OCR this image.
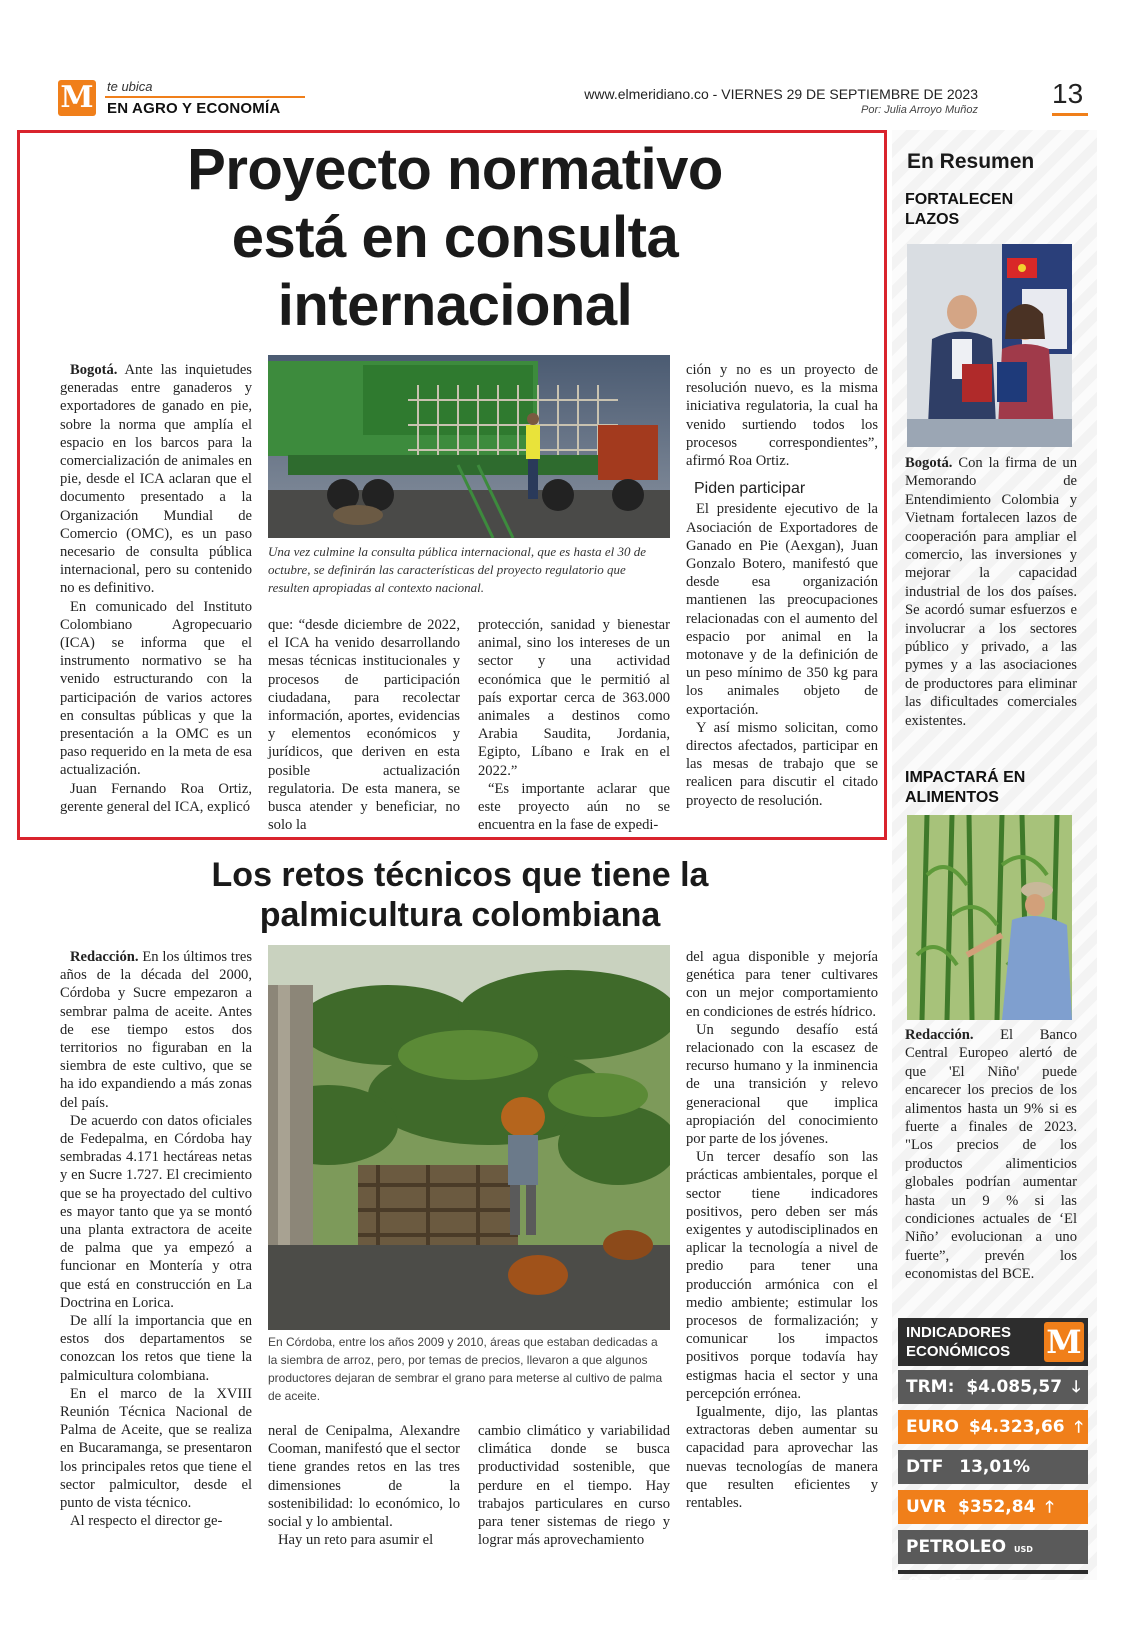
M te ubica
EN AGRO Y ECONOMÍA
www.elmeridiano.co - VIERNES 29 DE SEPTIEMBRE DE 2023
Por: Julia Arroyo Muñoz
13
Proyecto normativo
está en consulta
internacional

Bogotá. Ante las inquietudes generadas entre ganaderos y exportadores de ganado en pie, sobre la norma que amplía el espacio en los barcos para la comercialización de animales en pie, desde el ICA aclaran que el documento presentado a la Organización Mundial de Comercio (OMC), es un paso necesario de consulta pública internacional, pero su contenido no es definitivo.

En comunicado del Instituto Colombiano Agropecuario (ICA) se informa que el instrumento normativo se ha venido estructurando con la participación de varios actores en consultas públicas y que la presentación a la OMC es un paso requerido en la meta de esa actualización.

Juan Fernando Roa Ortiz, gerente general del ICA, explicó

Una vez culmine la consulta pública internacional, que es hasta el 30 de octubre, se definirán las características del proyecto regulatorio que resulten apropiadas al contexto nacional.

que: “desde diciembre de 2022, el ICA ha venido desarrollando mesas técnicas institucionales y procesos de participación ciudadana, para recolectar información, aportes, evidencias y elementos económicos y jurídicos, que deriven en esta posible actualización regulatoria. De esta manera, se busca atender y beneficiar, no solo la

protección, sanidad y bienestar animal, sino los intereses de un sector y una actividad económica que le permitió al país exportar cerca de 363.000 animales a destinos como Arabia Saudita, Jordania, Egipto, Líbano e Irak en el 2022.”

“Es importante aclarar que este proyecto aún no se encuentra en la fase de expedi-

ción y no es un proyecto de resolución nuevo, es la misma iniciativa regulatoria, la cual ha venido surtiendo todos los procesos correspondientes”, afirmó Roa Ortiz.

Piden participar

El presidente ejecutivo de la Asociación de Exportadores de Ganado en Pie (Aexgan), Juan Gonzalo Botero, manifestó que desde esa organización mantienen las preocupaciones relacionadas con el aumento del espacio por animal en la motonave y de la definición de un peso mínimo de 350 kg para los animales objeto de exportación.

Y así mismo solicitan, como directos afectados, participar en las mesas de trabajo que se realicen para discutir el citado proyecto de resolución.

Los retos técnicos que tiene la
palmicultura colombiana

Redacción. En los últimos tres años de la década del 2000, Córdoba y Sucre empezaron a sembrar palma de aceite. Antes de ese tiempo estos dos territorios no figuraban en la siembra de este cultivo, que se ha ido expandiendo a más zonas del país.

De acuerdo con datos oficiales de Fedepalma, en Córdoba hay sembradas 4.171 hectáreas netas y en Sucre 1.727. El crecimiento que se ha proyectado del cultivo es mayor tanto que ya se montó una planta extractora de aceite de palma que ya empezó a funcionar en Montería y otra que está en construcción en La Doctrina en Lorica.

De allí la importancia que en estos dos departamentos se conozcan los retos que tiene la palmicultura colombiana.

En el marco de la XVIII Reunión Técnica Nacional de Palma de Aceite, que se realiza en Bucaramanga, se presentaron los principales retos que tiene el sector palmicultor, desde el punto de vista técnico.

Al respecto el director ge-

En Córdoba, entre los años 2009 y 2010, áreas que estaban dedicadas a la siembra de arroz, pero, por temas de precios, llevaron a que algunos productores dejaran de sembrar el grano para meterse al cultivo de palma de aceite.

neral de Cenipalma, Alexandre Cooman, manifestó que el sector tiene grandes retos en las tres dimensiones de la sostenibilidad: lo económico, lo social y lo ambiental.

Hay un reto para asumir el

cambio climático y variabilidad climática donde se busca productividad sostenible, que perdure en el tiempo. Hay trabajos particulares en curso para tener sistemas de riego y lograr más aprovechamiento

del agua disponible y mejoría genética para tener cultivares con un mejor comportamiento en condiciones de estrés hídrico.

Un segundo desafío está relacionado con la escasez de recurso humano y la inminencia de una transición y relevo generacional que implica apropiación del conocimiento por parte de los jóvenes.

Un tercer desafío son las prácticas ambientales, porque el sector tiene indicadores positivos, pero deben ser más exigentes y autodisciplinados en aplicar la tecnología a nivel de predio para tener una producción armónica con el medio ambiente; estimular los procesos de formalización; y comunicar los impactos positivos porque todavía hay estigmas hacia el sector y una percepción errónea.

Igualmente, dijo, las plantas extractoras deben aumentar su capacidad para aprovechar las nuevas tecnologías de manera que resulten eficientes y rentables.

En Resumen
FORTALECEN
LAZOS

Bogotá. Con la firma de un Memorando de Entendimiento Colombia y Vietnam fortalecen lazos de cooperación para ampliar el comercio, las inversiones y mejorar la capacidad industrial de los dos países. Se acordó sumar esfuerzos e involucrar a los sectores público y privado, a las pymes y a las asociaciones de productores para eliminar las dificultades comerciales existentes.

IMPACTARÁ EN
ALIMENTOS

Redacción. El Banco Central Europeo alertó de que 'El Niño' puede encarecer los precios de los alimentos hasta un 9% si es fuerte a finales de 2023. "Los precios de los productos alimenticios globales podrían aumentar hasta un 9 % si las condiciones actuales de ‘El Niño’ evolucionan a uno fuerte”, prevén los economistas del BCE.

INDICADORES
ECONÓMICOS M
TRM: $4.085,57 🡓
EURO $4.323,66 🡑
DTF 13,01%
UVR $352,84 🡑
PETROLEO USD 93,06 🡓
